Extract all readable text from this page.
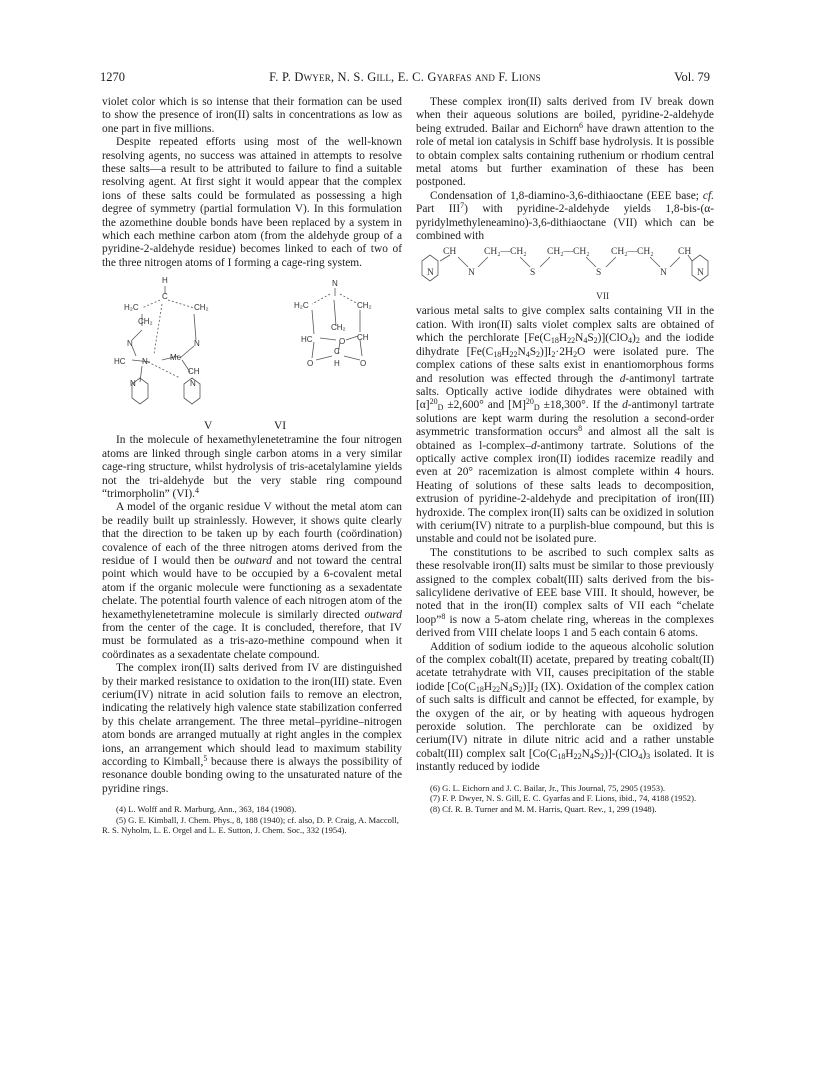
1270	F. P. Dwyer, N. S. Gill, E. C. Gyarfas and F. Lions	Vol. 79

violet color which is so intense that their formation can be used to show the presence of iron(II) salts in concentrations as low as one part in five millions.

Despite repeated efforts using most of the well-known resolving agents, no success was attained in attempts to resolve these salts—a result to be attributed to failure to find a suitable resolving agent. At first sight it would appear that the complex ions of these salts could be formulated as possessing a high degree of symmetry (partial formulation V). In this formulation the azomethine double bonds have been replaced by a system in which each methine carbon atom (from the aldehyde group of a pyridine-2-aldehyde residue) becomes linked to each of two of the three nitrogen atoms of I forming a cage-ring system.

H
C
H₂C	CH₂
CH₂
N	N
HC N	Me
CH
N	N
N
H₂C	CH₂
CH₂
HC	O CH
C
O	H	O
V	VI

In the molecule of hexamethylenetetramine the four nitrogen atoms are linked through single carbon atoms in a very similar cage-ring structure, whilst hydrolysis of tris-acetalylamine yields not the tri-aldehyde but the very stable ring compound “trimorpholin” (VI).$^4$

A model of the organic residue V without the metal atom can be readily built up strainlessly. However, it shows quite clearly that the direction to be taken up by each fourth (coördination) covalence of each of the three nitrogen atoms derived from the residue of I would then be outward and not toward the central point which would have to be occupied by a 6-covalent metal atom if the organic molecule were functioning as a sexadentate chelate. The potential fourth valence of each nitrogen atom of the hexamethylenetetramine molecule is similarly directed outward from the center of the cage. It is concluded, therefore, that IV must be formulated as a tris-azo-methine compound when it coördinates as a sexadentate chelate compound.

The complex iron(II) salts derived from IV are distinguished by their marked resistance to oxidation to the iron(III) state. Even cerium(IV) nitrate in acid solution fails to remove an electron, indicating the relatively high valence state stabilization conferred by this chelate arrangement. The three metal–pyridine–nitrogen atom bonds are arranged mutually at right angles in the complex ions, an arrangement which should lead to maximum stability according to Kimball,$^5$ because there is always the possibility of resonance double bonding owing to the unsaturated nature of the pyridine rings.

(4) L. Wolff and R. Marburg, Ann., 363, 184 (1908).

(5) G. E. Kimball, J. Chem. Phys., 8, 188 (1940); cf. also, D. P. Craig, A. Maccoll, R. S. Nyholm, L. E. Orgel and L. E. Sutton, J. Chem. Soc., 332 (1954).

These complex iron(II) salts derived from IV break down when their aqueous solutions are boiled, pyridine-2-aldehyde being extruded. Bailar and Eichorn$^6$ have drawn attention to the role of metal ion catalysis in Schiff base hydrolysis. It is possible to obtain complex salts containing ruthenium or rhodium central metal atoms but further examination of these has been postponed.

Condensation of 1,8-diamino-3,6-dithiaoctane (EEE base; cf. Part III$^7$) with pyridine-2-aldehyde yields 1,8-bis-(α-pyridylmethyleneamino)-3,6-dithiaoctane (VII) which can be combined with

CH	CH₂—CH₂ CH₂—CH₂ CH₂—CH₂	CH
N	N	S	S	N	N
VII

various metal salts to give complex salts containing VII in the cation. With iron(II) salts violet complex salts are obtained of which the perchlorate $[Fe(C_{18}H_{22}N_4S_2)](ClO_4)_2$ and the iodide dihydrate $[Fe(C_{18}H_{22}N_4S_2)]I_2\cdot 2H_2O$ were isolated pure. The complex cations of these salts exist in enantiomorphous forms and resolution was effected through the d-antimonyl tartrate salts. Optically active iodide dihydrates were obtained with $[\alpha]^{20}_D \pm 2,600^\circ$ and $[M]^{20}_D \pm 18,300^\circ$. If the d-antimonyl tartrate solutions are kept warm during the resolution a second-order asymmetric transformation occurs$^8$ and almost all the salt is obtained as l-complex–d-antimony tartrate. Solutions of the optically active complex iron(II) iodides racemize readily and even at 20° racemization is almost complete within 4 hours. Heating of solutions of these salts leads to decomposition, extrusion of pyridine-2-aldehyde and precipitation of iron(III) hydroxide. The complex iron(II) salts can be oxidized in solution with cerium(IV) nitrate to a purplish-blue compound, but this is unstable and could not be isolated pure.

The constitutions to be ascribed to such complex salts as these resolvable iron(II) salts must be similar to those previously assigned to the complex cobalt(III) salts derived from the bis-salicylidene derivative of EEE base VIII. It should, however, be noted that in the iron(II) complex salts of VII each “chelate loop”$^8$ is now a 5-atom chelate ring, whereas in the complexes derived from VIII chelate loops 1 and 5 each contain 6 atoms.

Addition of sodium iodide to the aqueous alcoholic solution of the complex cobalt(II) acetate, prepared by treating cobalt(II) acetate tetrahydrate with VII, causes precipitation of the stable iodide $[Co(C_{18}H_{22}N_4S_2)]I_2$ (IX). Oxidation of the complex cation of such salts is difficult and cannot be effected, for example, by the oxygen of the air, or by heating with aqueous hydrogen peroxide solution. The perchlorate can be oxidized by cerium(IV) nitrate in dilute nitric acid and a rather unstable cobalt(III) complex salt $[Co(C_{18}H_{22}N_4S_2)]-(ClO_4)_3$ isolated. It is instantly reduced by iodide

(6) G. L. Eichorn and J. C. Bailar, Jr., This Journal, 75, 2905 (1953).

(7) F. P. Dwyer, N. S. Gill, E. C. Gyarfas and F. Lions, ibid., 74, 4188 (1952).

(8) Cf. R. B. Turner and M. M. Harris, Quart. Rev., 1, 299 (1948).
